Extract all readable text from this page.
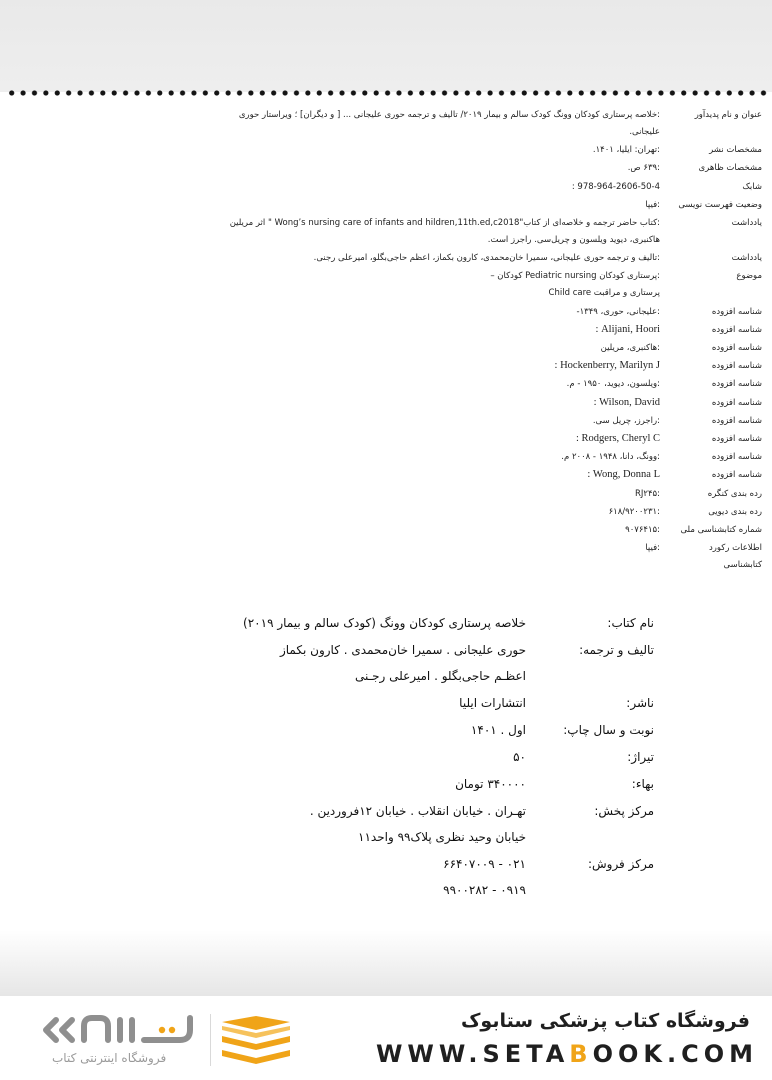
عنوان و نام پدیدآور
:خلاصه پرستاری کودکان وونگ کودک سالم و بیمار ۲۰۱۹/ تالیف و ترجمه حوری علیجانی ... [ و دیگران] ؛ ویراستار حوری
علیجانی.
مشخصات نشر
:تهران: ایلیا، ۱۴۰۱.
مشخصات ظاهری
:۶۳۹ ص.
شابک
978-964-2606-50-4 :
وضعیت فهرست نویسی
:فیپا
یادداشت
:کتاب حاضر ترجمه و خلاصه‌ای از کتاب"Wong’s nursing care of infants and hildren,11th.ed,c2018 " اثر مریلین
هاکنبری، دیوید ویلسون و چریل‌سی. راجرز است.
یادداشت
:تالیف و ترجمه حوری علیجانی، سمیرا خان‌محمدی، کارون بکماز، اعظم حاجی‌بگلو، امیرعلی رجنی.
موضوع
:پرستاری کودکان Pediatric nursing کودکان –
پرستاری و مراقبت Child care
شناسه افزوده
:علیجانی، حوری، ۱۳۴۹-
شناسه افزوده
Alijani, Hoori :
شناسه افزوده
:هاکنبری، مریلین
شناسه افزوده
Hockenberry, Marilyn J :
شناسه افزوده
:ویلسون، دیوید، ۱۹۵۰ - م.
شناسه افزوده
Wilson, David :
شناسه افزوده
:راجرز، چریل سی.
شناسه افزوده
Rodgers, Cheryl C :
شناسه افزوده
:وونگ، دانا، ۱۹۴۸ - ۲۰۰۸ م.
شناسه افزوده
Wong, Donna L :
رده بندی کنگره
:RJ۲۴۵
رده بندی دیویی
:۶۱۸/۹۲۰۰۲۳۱
شماره کتابشناسی ملی
:۹۰۷۶۴۱۵
اطلاعات رکورد
:فیپا
کتابشناسی
نام کتاب:
خلاصه پرستاری کودکان وونگ (کودک سالم و بیمار ۲۰۱۹)
تالیف و ترجمه:
حوری علیجانی . سمیرا خان‌محمدی . کارون بکماز
اعظـم حاجی‌بگلو . امیرعلی رجـنی
ناشر:
انتشارات ایلیا
نوبت و سال چاپ:
اول . ۱۴۰۱
تیراژ:
۵۰
بهاء:
۳۴۰۰۰۰ تومان
مرکز پخش:
تهـران . خیابان انقلاب . خیابان ۱۲فروردین .
خیابان وحید نظری پلاک۹۹ واحد۱۱
مرکز فروش:
۰۲۱ - ۶۶۴۰۷۰۰۹
۰۹۱۹ - ۹۹۰۰۲۸۲
فروشگاه اینترنتی کتاب
فروشگاه کتاب پزشکی ستابوک
WWW.SETABOOK.COM
